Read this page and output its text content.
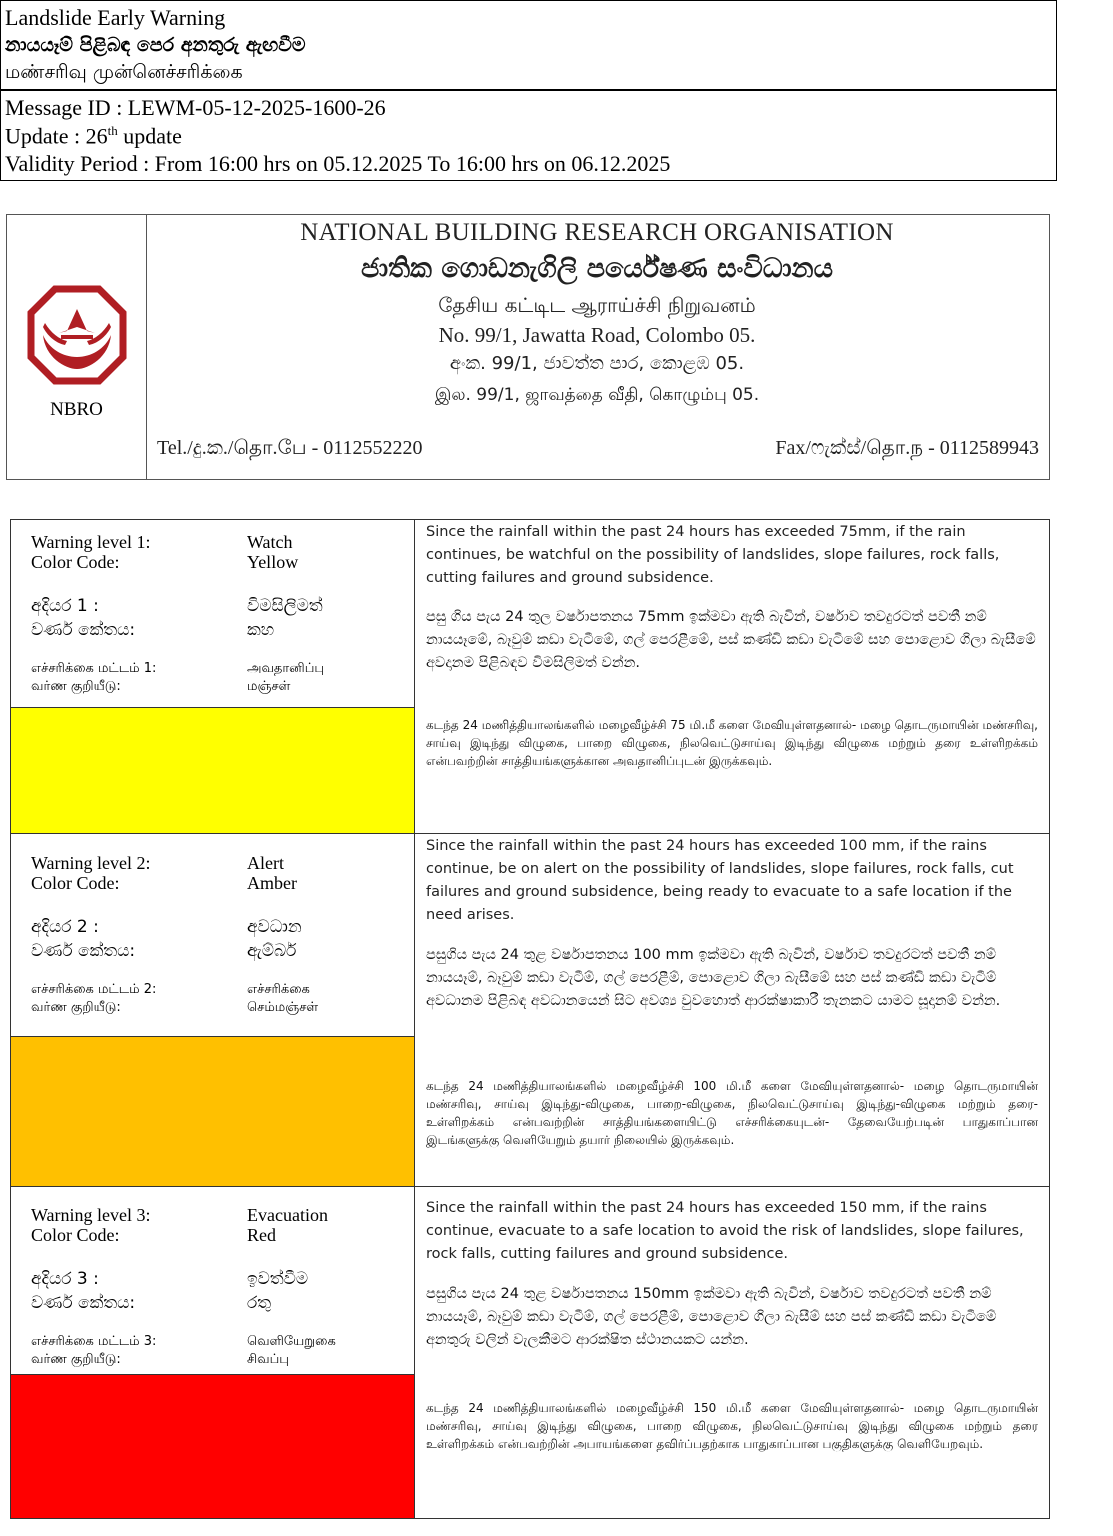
Landslide Early Warning
නායයෑම් පිළිබඳ පෙර අනතුරු ඇඟවීම
மண்சரிவு முன்னெச்சரிக்கை
Message ID : LEWM-05-12-2025-1600-26
Update : 26th update
Validity Period : From 16:00 hrs on 05.12.2025 To 16:00 hrs on 06.12.2025
NBRO
NATIONAL BUILDING RESEARCH ORGANISATION
ජාතික ගොඩනැගිලි පර්යේෂණ සංවිධානය
தேசிய கட்டிட ஆராய்ச்சி நிறுவனம்
No. 99/1, Jawatta Road, Colombo 05.
අංක. 99/1, ජාවත්ත පාර, කොළඹ 05.
இல. 99/1, ஜாவத்தை வீதி, கொழும்பு 05.
Tel./දු.ක./தொ.பே - 0112552220	Fax/ෆැක්ස්/தொ.ந - 0112589943
Warning level 1:	Watch
Color Code:	Yellow
අදියර 1 :	විමසිලිමත්
වර්ණ කේතය:	කහ
எச்சரிக்கை மட்டம் 1:	அவதானிப்பு
வர்ண குறியீடு:	மஞ்சள்
Since the rainfall within the past 24 hours has exceeded 75mm, if the rain continues, be watchful on the possibility of landslides, slope failures, rock falls, cutting failures and ground subsidence.
පසු ගිය පැය 24 තුල වර්ෂාපතනය 75mm ඉක්මවා ඇති බැවින්, වර්ෂාව තවදුරටත් පවතී නම් නායයෑමේ, බෑවුම් කඩා වැටීමේ, ගල් පෙරළීමේ, පස් කණ්ඩි කඩා වැටීමේ සහ පොළොව ගිලා බැසීමේ අවදානම පිළිබඳව විමසිලිමත් වන්න.
கடந்த 24 மணித்தியாலங்களில் மழைவீழ்ச்சி 75 மி.மீ களை மேவியுள்ளதனால்- மழை தொடருமாயின் மண்சரிவு, சாய்வு இடிந்து விழுகை, பாறை விழுகை, நிலவெட்டுசாய்வு இடிந்து விழுகை மற்றும் தரை உள்ளிறக்கம் என்பவற்றின் சாத்தியங்களுக்கான அவதானிப்புடன் இருக்கவும்.
Warning level 2:	Alert
Color Code:	Amber
අදියර 2 :	අවධාන
වර්ණ කේතය:	ඇම්බර්
எச்சரிக்கை மட்டம் 2:	எச்சரிக்கை
வர்ண குறியீடு:	செம்மஞ்சள்
Since the rainfall within the past 24 hours has exceeded 100 mm, if the rains continue, be on alert on the possibility of landslides, slope failures, rock falls, cut failures and ground subsidence, being ready to evacuate to a safe location if the need arises.
පසුගිය පැය 24 තුළ වර්ෂාපතනය 100 mm ඉක්මවා ඇති බැවින්, වර්ෂාව තවදුරටත් පවතී නම් නායයෑම්, බෑවුම් කඩා වැටීම්, ගල් පෙරළීම්, පොළොව ගිලා බැසීමේ සහ පස් කණ්ඩි කඩා වැටීම් අවධානම පිළිබඳ අවධානයෙන් සිට අවශ්‍ය වුවහොත් ආරක්ෂාකාරී තැනකට යාමට සූදානම් වන්න.
கடந்த 24 மணித்தியாலங்களில் மழைவீழ்ச்சி 100 மி.மீ களை மேவியுள்ளதனால்- மழை தொடருமாயின் மண்சரிவு, சாய்வு இடிந்து-விழுகை, பாறை-விழுகை, நிலவெட்டுசாய்வு இடிந்து-விழுகை மற்றும் தரை-உள்ளிறக்கம் என்பவற்றின் சாத்தியங்களையிட்டு எச்சரிக்கையுடன்- தேவையேற்படின் பாதுகாப்பான இடங்களுக்கு வெளியேறும் தயார் நிலையில் இருக்கவும்.
Warning level 3:	Evacuation
Color Code:	Red
අදියර 3 :	ඉවත්වීම
වර්ණ කේතය:	රතු
எச்சரிக்கை மட்டம் 3:	வெளியேறுகை
வர்ண குறியீடு:	சிவப்பு
Since the rainfall within the past 24 hours has exceeded 150 mm, if the rains continue, evacuate to a safe location to avoid the risk of landslides, slope failures, rock falls, cutting failures and ground subsidence.
පසුගිය පැය 24 තුළ වර්ෂාපතනය 150mm ඉක්මවා ඇති බැවින්, වර්ෂාව තවදුරටත් පවතී නම් නායයෑම්, බෑවුම් කඩා වැටීම්, ගල් පෙරළීම්, පොළොව ගිලා බැසීම් සහ පස් කණ්ඩි කඩා වැටීමේ අනතුරු වලින් වැලකීමට ආරක්ෂිත ස්ථානයකට යන්න.
கடந்த 24 மணித்தியாலங்களில் மழைவீழ்ச்சி 150 மி.மீ களை மேவியுள்ளதனால்- மழை தொடருமாயின் மண்சரிவு, சாய்வு இடிந்து விழுகை, பாறை விழுகை, நிலவெட்டுசாய்வு இடிந்து விழுகை மற்றும் தரை உள்ளிறக்கம் என்பவற்றின் அபாயங்களை தவிர்ப்பதற்காக பாதுகாப்பான பகுதிகளுக்கு வெளியேறவும்.
